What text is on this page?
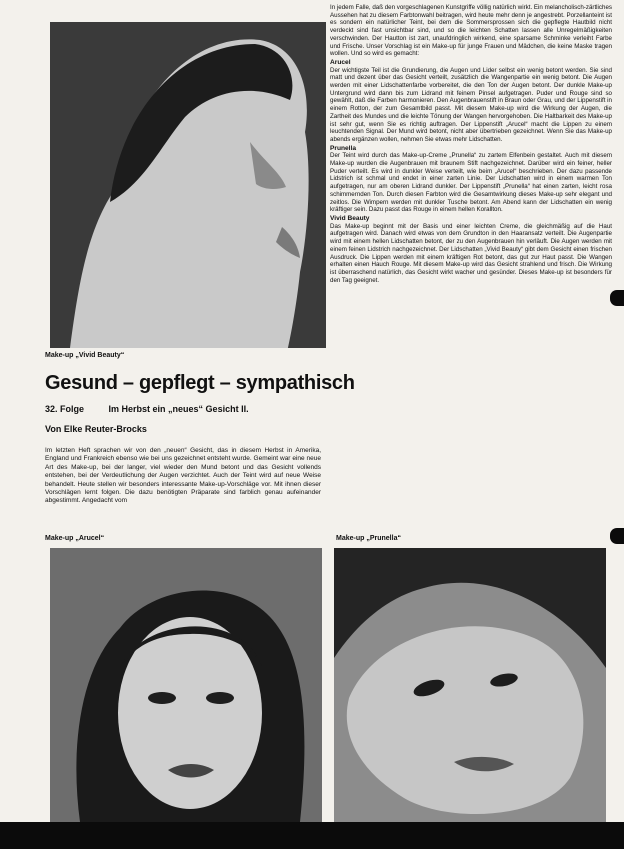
Make-up „Vivid Beauty“
Gesund – gepflegt – sympathisch
32. Folge	Im Herbst ein „neues“ Gesicht II.
Von Elke Reuter-Brocks

Im letzten Heft sprachen wir von den „neuen“ Gesicht, das in diesem Herbst in Amerika, England und Frankreich ebenso wie bei uns gezeichnet entsteht wurde. Gemeint war eine neue Art des Make-up, bei der langer, viel wieder den Mund betont und das Gesicht vollends entstehen, bei der Verdeutlichung der Augen verzichtet. Auch der Teint wird auf neue Weise behandelt. Heute stellen wir besonders interessante Make-up-Vorschläge vor. Mit ihnen dieser Vorschlägen lernt folgen. Die dazu benötigten Präparate sind farblich genau aufeinander abgestimmt. Angedacht vom

In jedem Falle, daß den vorgeschlagenen Kunstgriffe völlig natürlich wirkt. Ein melancholisch-zärtliches Aussehen hat zu diesem Farbtonwahl beitragen, wird heute mehr denn je angestrebt. Porzellanteint ist es sondern ein natürlicher Teint, bei dem die Sommersprossen sich die gepflegte Hautbild nicht verdeckt sind fast unsichtbar sind, und so die leichten Schatten lassen alle Unregelmäßigkeiten verschwinden. Der Hautton ist zart, unaufdringlich wirkend, eine sparsame Schminke verleiht Farbe und Frische. Unser Vorschlag ist ein Make-up für junge Frauen und Mädchen, die keine Maske tragen wollen. Und so wird es gemacht:

Arucel

Der wichtigste Teil ist die Grundierung, die Augen und Lider selbst ein wenig betont werden. Sie sind matt und dezent über das Gesicht verteilt, zusätzlich die Wangenpartie ein wenig betont. Die Augen werden mit einer Lidschattenfarbe vorbereitet, die den Ton der Augen betont. Der dunkle Make-up Untergrund wird dann bis zum Lidrand mit feinem Pinsel aufgetragen. Puder und Rouge sind so gewählt, daß die Farben harmonieren. Den Augenbrauenstift in Braun oder Grau, und der Lippenstift in einem Rotton, der zum Gesamtbild passt. Mit diesem Make-up wird die Wirkung der Augen, die Zartheit des Mundes und die leichte Tönung der Wangen hervorgehoben. Die Haltbarkeit des Make-up ist sehr gut, wenn Sie es richtig auftragen. Der Lippenstift „Arucel“ macht die Lippen zu einem leuchtenden Signal. Der Mund wird betont, nicht aber übertrieben gezeichnet. Wenn Sie das Make-up abends ergänzen wollen, nehmen Sie etwas mehr Lidschatten.

Prunella

Der Teint wird durch das Make-up-Creme „Prunella“ zu zartem Elfenbein gestaltet. Auch mit diesem Make-up wurden die Augenbrauen mit braunem Stift nachgezeichnet. Darüber wird ein feiner, heller Puder verteilt. Es wird in dunkler Weise verteilt, wie beim „Arucel“ beschrieben. Der dazu passende Lidstrich ist schmal und endet in einer zarten Linie. Der Lidschatten wird in einem warmen Ton aufgetragen, nur am oberen Lidrand dunkler. Der Lippenstift „Prunella“ hat einen zarten, leicht rosa schimmernden Ton. Durch diesen Farbton wird die Gesamtwirkung dieses Make-up sehr elegant und zeitlos. Die Wimpern werden mit dunkler Tusche betont. Am Abend kann der Lidschatten ein wenig kräftiger sein. Dazu passt das Rouge in einem hellen Korallton.

Vivid Beauty

Das Make-up beginnt mit der Basis und einer leichten Creme, die gleichmäßig auf die Haut aufgetragen wird. Danach wird etwas von dem Grundton in den Haaransatz verteilt. Die Augenpartie wird mit einem hellen Lidschatten betont, der zu den Augenbrauen hin verläuft. Die Augen werden mit einem feinen Lidstrich nachgezeichnet. Der Lidschatten „Vivid Beauty“ gibt dem Gesicht einen frischen Ausdruck. Die Lippen werden mit einem kräftigen Rot betont, das gut zur Haut passt. Die Wangen erhalten einen Hauch Rouge. Mit diesem Make-up wird das Gesicht strahlend und frisch. Die Wirkung ist überraschend natürlich, das Gesicht wirkt wacher und gesünder. Dieses Make-up ist besonders für den Tag geeignet.

Make-up „Arucel“	Make-up „Prunella“
